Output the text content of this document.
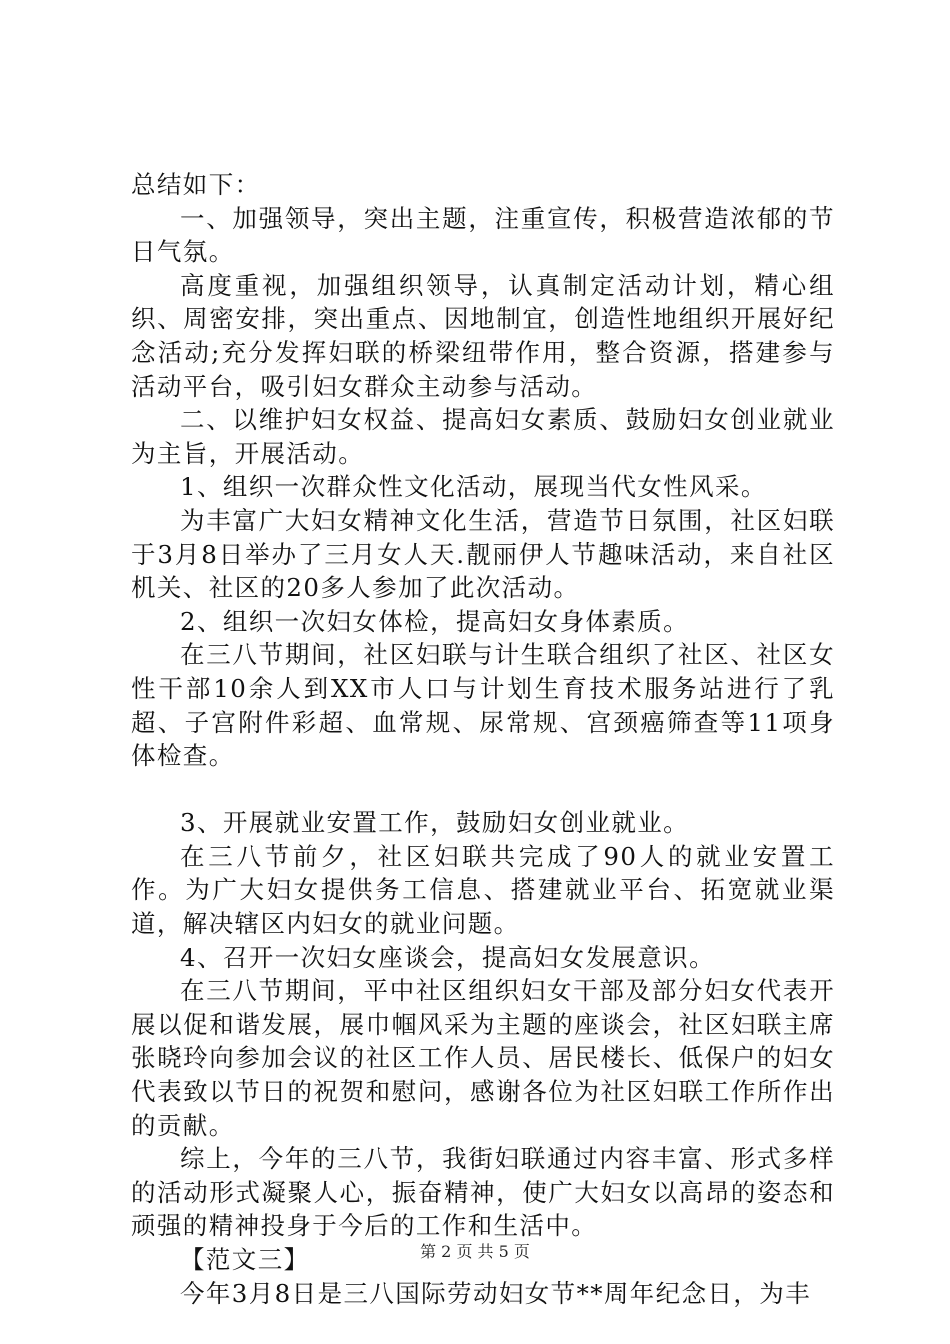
总结如下：

一、加强领导，突出主题，注重宣传，积极营造浓郁的节日气氛。

高度重视，加强组织领导，认真制定活动计划，精心组织、周密安排，突出重点、因地制宜，创造性地组织开展好纪念活动;充分发挥妇联的桥梁纽带作用，整合资源，搭建参与活动平台，吸引妇女群众主动参与活动。

二、以维护妇女权益、提高妇女素质、鼓励妇女创业就业为主旨，开展活动。

1、组织一次群众性文化活动，展现当代女性风采。

为丰富广大妇女精神文化生活，营造节日氛围，社区妇联于3月8日举办了三月女人天.靓丽伊人节趣味活动，来自社区机关、社区的20多人参加了此次活动。

2、组织一次妇女体检，提高妇女身体素质。

在三八节期间，社区妇联与计生联合组织了社区、社区女性干部10余人到XX市人口与计划生育技术服务站进行了乳超、子宫附件彩超、血常规、尿常规、宫颈癌筛查等11项身体检查。

3、开展就业安置工作，鼓励妇女创业就业。

在三八节前夕，社区妇联共完成了90人的就业安置工作。为广大妇女提供务工信息、搭建就业平台、拓宽就业渠道，解决辖区内妇女的就业问题。

4、召开一次妇女座谈会，提高妇女发展意识。

在三八节期间，平中社区组织妇女干部及部分妇女代表开展以促和谐发展，展巾帼风采为主题的座谈会，社区妇联主席张晓玲向参加会议的社区工作人员、居民楼长、低保户的妇女代表致以节日的祝贺和慰问，感谢各位为社区妇联工作所作出的贡献。

综上，今年的三八节，我街妇联通过内容丰富、形式多样的活动形式凝聚人心，振奋精神，使广大妇女以高昂的姿态和顽强的精神投身于今后的工作和生活中。

【范文三】

今年3月8日是三八国际劳动妇女节**周年纪念日，为丰

第 2 页 共 5 页
